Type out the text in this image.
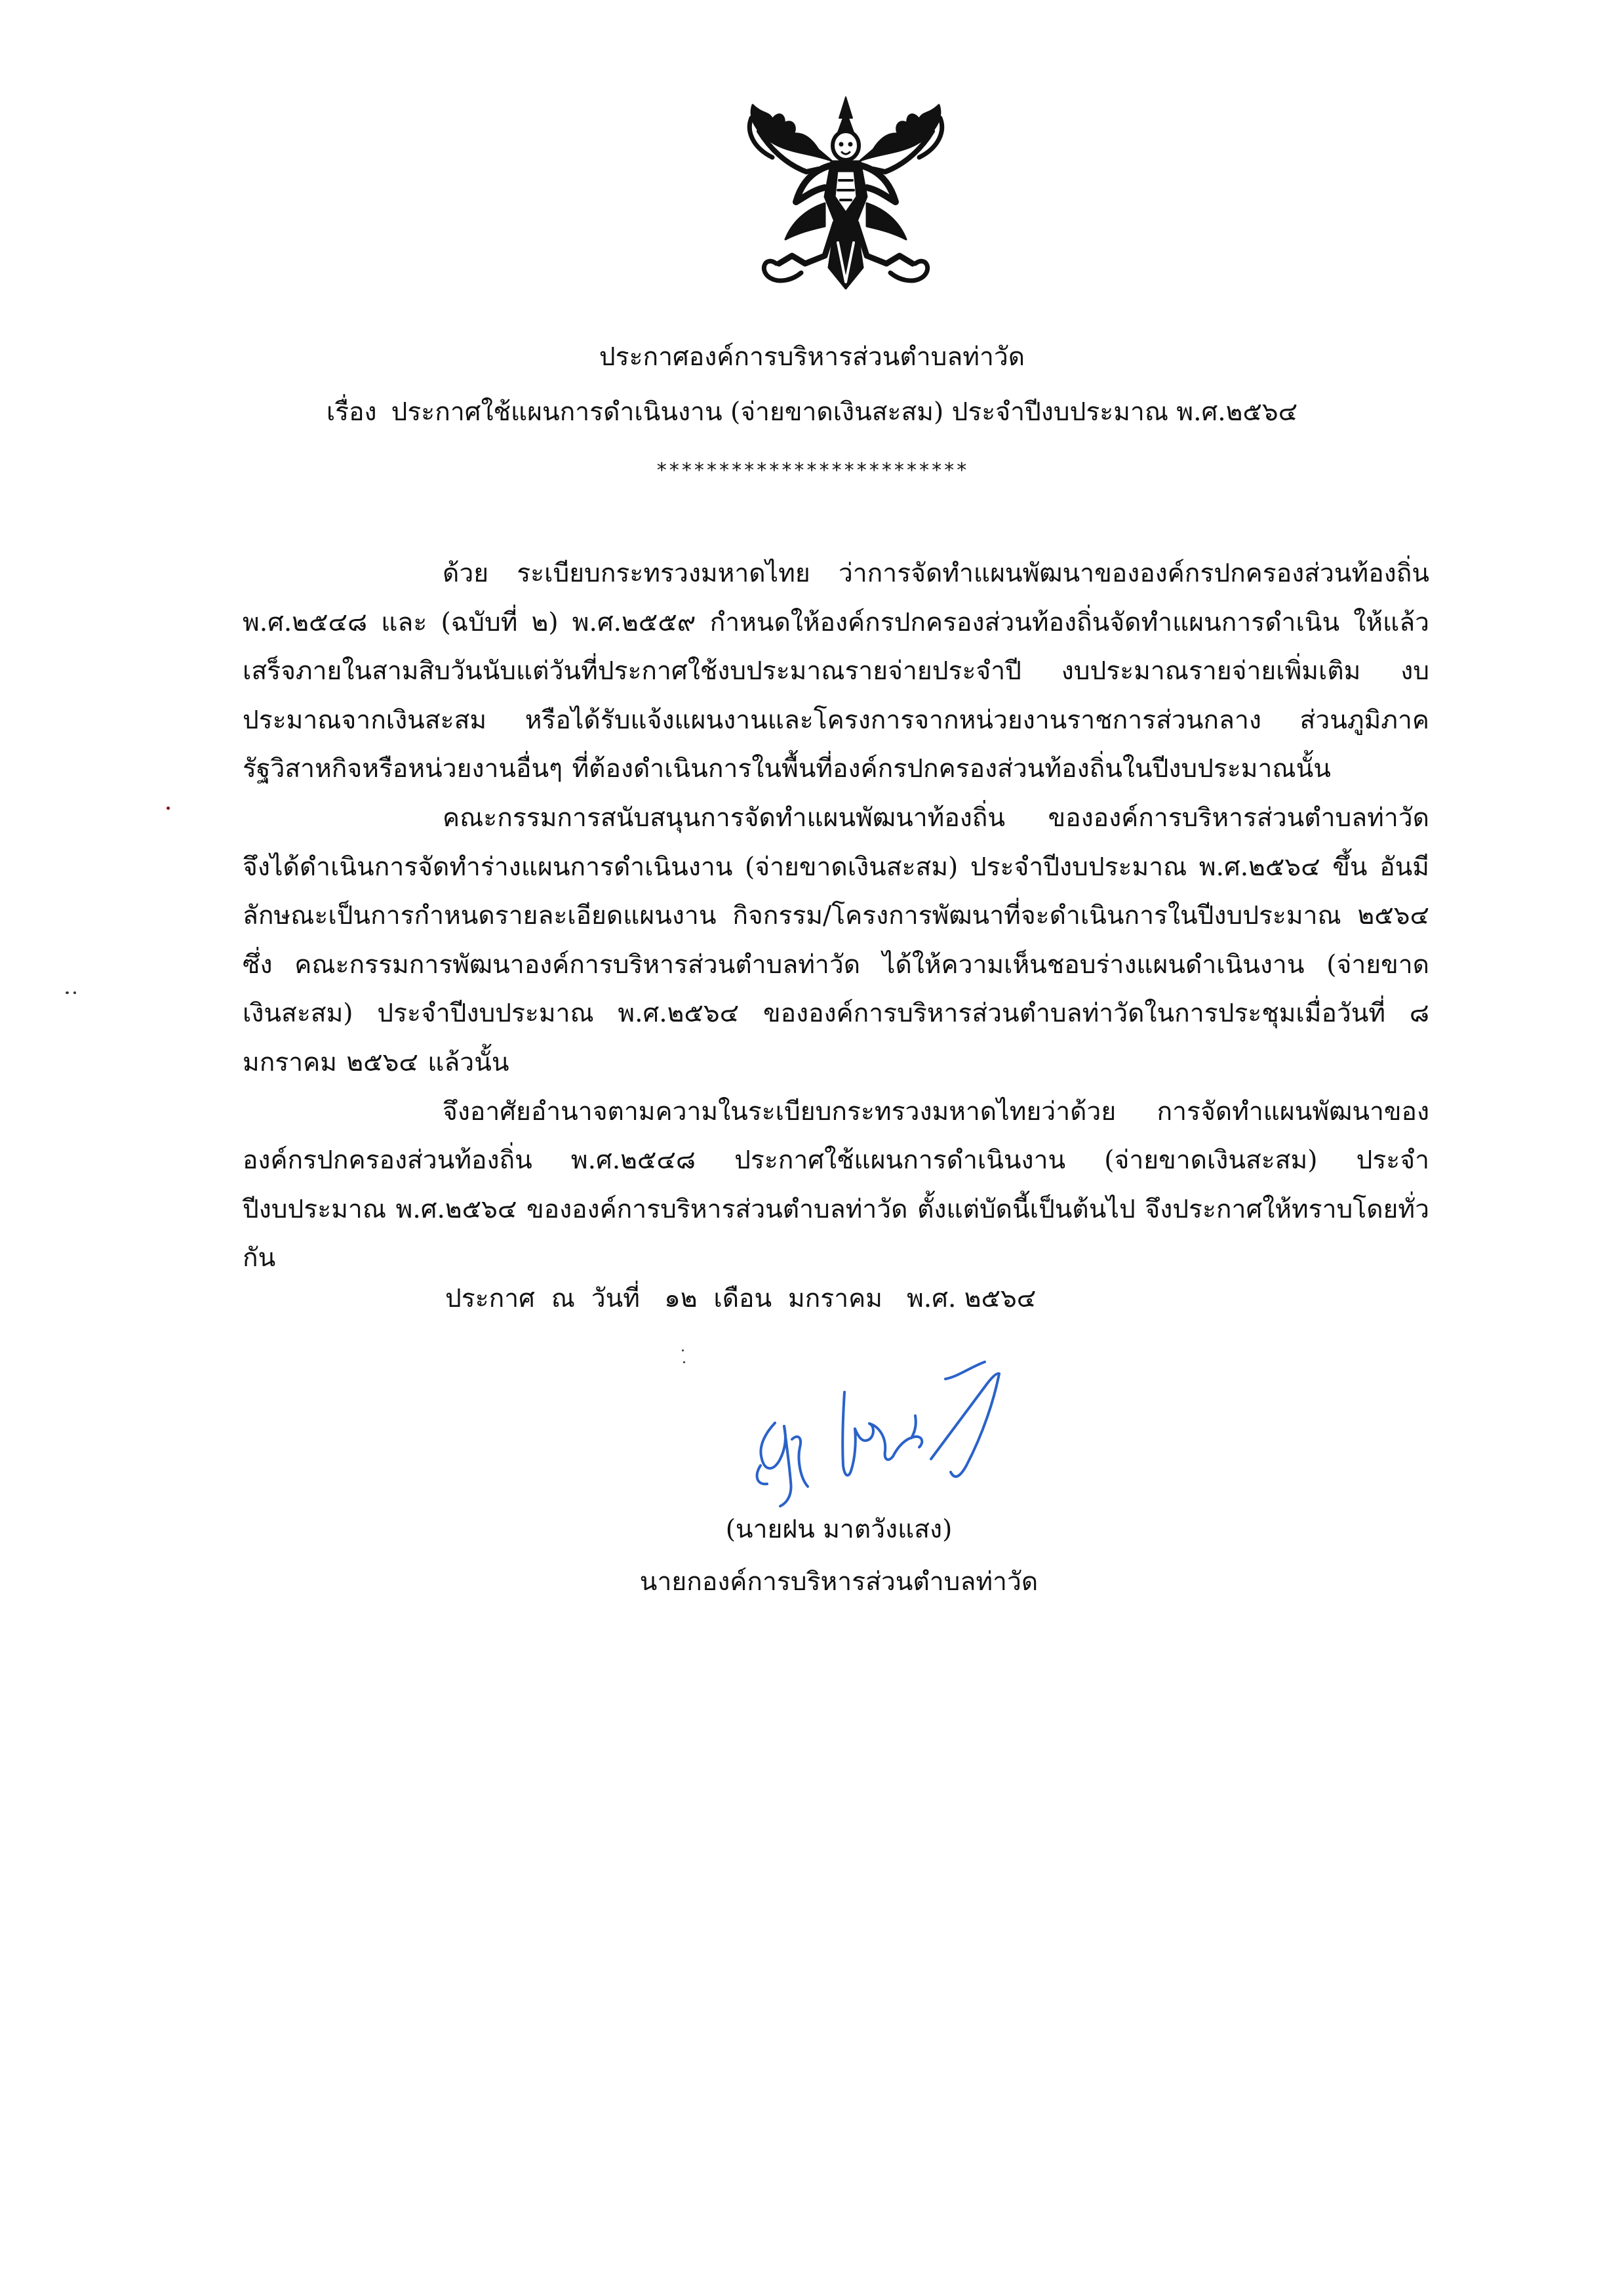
ประกาศองค์การบริหารส่วนตำบลท่าวัด
เรื่อง ประกาศใช้แผนการดำเนินงาน (จ่ายขาดเงินสะสม) ประจำปีงบประมาณ พ.ศ.๒๕๖๔
*************************

ด้วย ระเบียบกระทรวงมหาดไทย ว่าการจัดทำแผนพัฒนาขององค์กรปกครองส่วนท้องถิ่น พ.ศ.๒๕๔๘ และ (ฉบับที่ ๒) พ.ศ.๒๕๕๙ กำหนดให้องค์กรปกครองส่วนท้องถิ่นจัดทำแผนการดำเนิน ให้แล้วเสร็จภายในสามสิบวันนับแต่วันที่ประกาศใช้งบประมาณรายจ่ายประจำปี งบประมาณรายจ่ายเพิ่มเติม งบประมาณจากเงินสะสม หรือได้รับแจ้งแผนงานและโครงการจากหน่วยงานราชการส่วนกลาง ส่วนภูมิภาค รัฐวิสาหกิจหรือหน่วยงานอื่นๆ ที่ต้องดำเนินการในพื้นที่องค์กรปกครองส่วนท้องถิ่นในปีงบประมาณนั้น

คณะกรรมการสนับสนุนการจัดทำแผนพัฒนาท้องถิ่น ขององค์การบริหารส่วนตำบลท่าวัด จึงได้ดำเนินการจัดทำร่างแผนการดำเนินงาน (จ่ายขาดเงินสะสม) ประจำปีงบประมาณ พ.ศ.๒๕๖๔ ขึ้น อันมีลักษณะเป็นการกำหนดรายละเอียดแผนงาน กิจกรรม/โครงการพัฒนาที่จะดำเนินการในปีงบประมาณ ๒๕๖๔ ซึ่ง คณะกรรมการพัฒนาองค์การบริหารส่วนตำบลท่าวัด ได้ให้ความเห็นชอบร่างแผนดำเนินงาน (จ่ายขาดเงินสะสม) ประจำปีงบประมาณ พ.ศ.๒๕๖๔ ขององค์การบริหารส่วนตำบลท่าวัดในการประชุมเมื่อวันที่ ๘ มกราคม ๒๕๖๔ แล้วนั้น

จึงอาศัยอำนาจตามความในระเบียบกระทรวงมหาดไทยว่าด้วย การจัดทำแผนพัฒนาขององค์กรปกครองส่วนท้องถิ่น พ.ศ.๒๕๔๘ ประกาศใช้แผนการดำเนินงาน (จ่ายขาดเงินสะสม) ประจำปีงบประมาณ พ.ศ.๒๕๖๔ ขององค์การบริหารส่วนตำบลท่าวัด ตั้งแต่บัดนี้เป็นต้นไป จึงประกาศให้ทราบโดยทั่วกัน

ประกาศ  ณ  วันที่   ๑๒  เดือน  มกราคม   พ.ศ. ๒๕๖๔
(นายฝน มาตวังแสง)
นายกองค์การบริหารส่วนตำบลท่าวัด
